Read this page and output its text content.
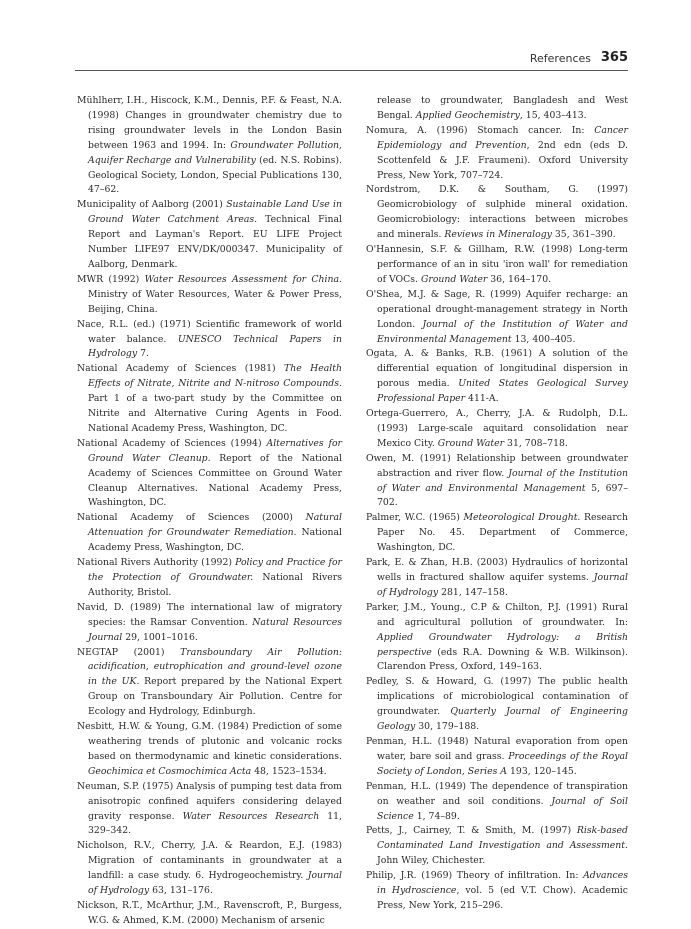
References 365

Mühlherr, I.H., Hiscock, K.M., Dennis, P.F. & Feast, N.A. (1998) Changes in groundwater chemistry due to rising groundwater levels in the London Basin between 1963 and 1994. In: Groundwater Pollution, Aquifer Recharge and Vulnerability (ed. N.S. Robins). Geological Society, London, Special Publications 130, 47–62.

Municipality of Aalborg (2001) Sustainable Land Use in Ground Water Catchment Areas. Technical Final Report and Layman's Report. EU LIFE Project Number LIFE97 ENV/DK/000347. Municipality of Aalborg, Denmark.

MWR (1992) Water Resources Assessment for China. Ministry of Water Resources, Water & Power Press, Beijing, China.

Nace, R.L. (ed.) (1971) Scientific framework of world water balance. UNESCO Technical Papers in Hydrology 7.

National Academy of Sciences (1981) The Health Effects of Nitrate, Nitrite and N-nitroso Compounds. Part 1 of a two-part study by the Committee on Nitrite and Alternative Curing Agents in Food. National Academy Press, Washington, DC.

National Academy of Sciences (1994) Alternatives for Ground Water Cleanup. Report of the National Academy of Sciences Committee on Ground Water Cleanup Alternatives. National Academy Press, Washington, DC.

National Academy of Sciences (2000) Natural Attenuation for Groundwater Remediation. National Academy Press, Washington, DC.

National Rivers Authority (1992) Policy and Practice for the Protection of Groundwater. National Rivers Authority, Bristol.

Navid, D. (1989) The international law of migratory species: the Ramsar Convention. Natural Resources Journal 29, 1001–1016.

NEGTAP (2001) Transboundary Air Pollution: acidification, eutrophication and ground-level ozone in the UK. Report prepared by the National Expert Group on Transboundary Air Pollution. Centre for Ecology and Hydrology, Edinburgh.

Nesbitt, H.W. & Young, G.M. (1984) Prediction of some weathering trends of plutonic and volcanic rocks based on thermodynamic and kinetic considerations. Geochimica et Cosmochimica Acta 48, 1523–1534.

Neuman, S.P. (1975) Analysis of pumping test data from anisotropic confined aquifers considering delayed gravity response. Water Resources Research 11, 329–342.

Nicholson, R.V., Cherry, J.A. & Reardon, E.J. (1983) Migration of contaminants in groundwater at a landfill: a case study. 6. Hydrogeochemistry. Journal of Hydrology 63, 131–176.

Nickson, R.T., McArthur, J.M., Ravenscroft, P., Burgess, W.G. & Ahmed, K.M. (2000) Mechanism of arsenic

release to groundwater, Bangladesh and West Bengal. Applied Geochemistry, 15, 403–413.

Nomura, A. (1996) Stomach cancer. In: Cancer Epidemiology and Prevention, 2nd edn (eds D. Scottenfeld & J.F. Fraumeni). Oxford University Press, New York, 707–724.

Nordstrom, D.K. & Southam, G. (1997) Geomicrobiology of sulphide mineral oxidation. Geomicrobiology: interactions between microbes and minerals. Reviews in Mineralogy 35, 361–390.

O'Hannesin, S.F. & Gillham, R.W. (1998) Long-term performance of an in situ 'iron wall' for remediation of VOCs. Ground Water 36, 164–170.

O'Shea, M.J. & Sage, R. (1999) Aquifer recharge: an operational drought-management strategy in North London. Journal of the Institution of Water and Environmental Management 13, 400–405.

Ogata, A. & Banks, R.B. (1961) A solution of the differential equation of longitudinal dispersion in porous media. United States Geological Survey Professional Paper 411-A.

Ortega-Guerrero, A., Cherry, J.A. & Rudolph, D.L. (1993) Large-scale aquitard consolidation near Mexico City. Ground Water 31, 708–718.

Owen, M. (1991) Relationship between groundwater abstraction and river flow. Journal of the Institution of Water and Environmental Management 5, 697–702.

Palmer, W.C. (1965) Meteorological Drought. Research Paper No. 45. Department of Commerce, Washington, DC.

Park, E. & Zhan, H.B. (2003) Hydraulics of horizontal wells in fractured shallow aquifer systems. Journal of Hydrology 281, 147–158.

Parker, J.M., Young., C.P & Chilton, P.J. (1991) Rural and agricultural pollution of groundwater. In: Applied Groundwater Hydrology: a British perspective (eds R.A. Downing & W.B. Wilkinson). Clarendon Press, Oxford, 149–163.

Pedley, S. & Howard, G. (1997) The public health implications of microbiological contamination of groundwater. Quarterly Journal of Engineering Geology 30, 179–188.

Penman, H.L. (1948) Natural evaporation from open water, bare soil and grass. Proceedings of the Royal Society of London, Series A 193, 120–145.

Penman, H.L. (1949) The dependence of transpiration on weather and soil conditions. Journal of Soil Science 1, 74–89.

Petts, J., Cairney, T. & Smith, M. (1997) Risk-based Contaminated Land Investigation and Assessment. John Wiley, Chichester.

Philip, J.R. (1969) Theory of infiltration. In: Advances in Hydroscience, vol. 5 (ed V.T. Chow). Academic Press, New York, 215–296.
